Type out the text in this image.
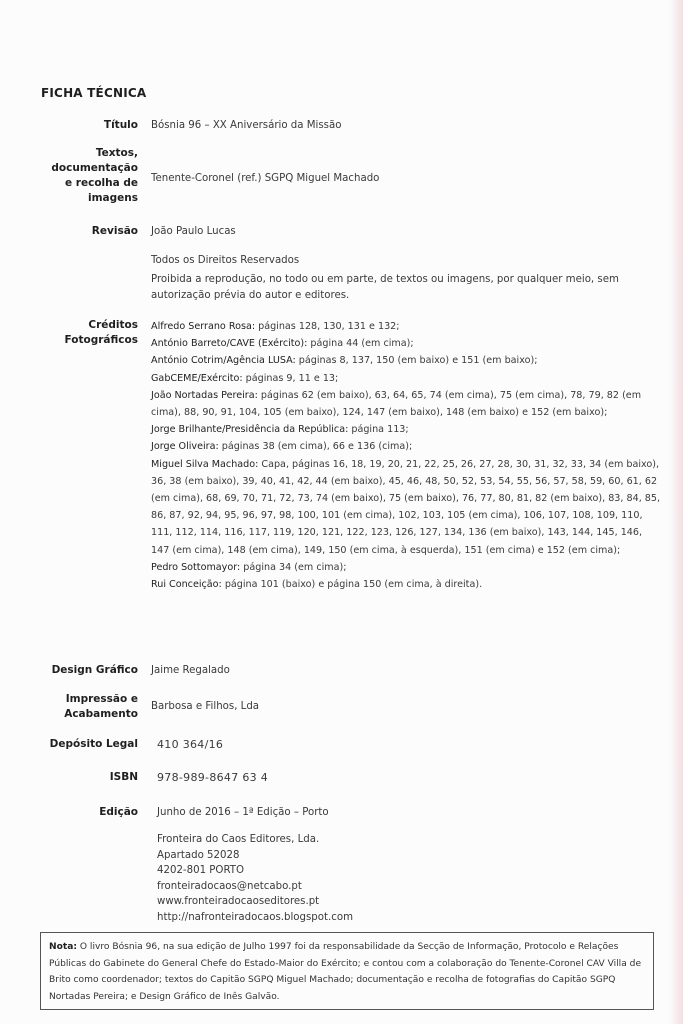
FICHA TÉCNICA
Título Bósnia 96 – XX Aniversário da Missão
Textos,
documentação
e recolha de
imagens
Tenente-Coronel (ref.) SGPQ Miguel Machado
Revisão João Paulo Lucas
Todos os Direitos Reservados
Proibida a reprodução, no todo ou em parte, de textos ou imagens, por qualquer meio, sem
autorização prévia do autor e editores.
Créditos
Fotográficos
Alfredo Serrano Rosa: páginas 128, 130, 131 e 132;
António Barreto/CAVE (Exército): página 44 (em cima);
António Cotrim/Agência LUSA: páginas 8, 137, 150 (em baixo) e 151 (em baixo);
GabCEME/Exército: páginas 9, 11 e 13;
João Nortadas Pereira: páginas 62 (em baixo), 63, 64, 65, 74 (em cima), 75 (em cima), 78, 79, 82 (em cima), 88, 90, 91, 104, 105 (em baixo), 124, 147 (em baixo), 148 (em baixo) e 152 (em baixo);
Jorge Brilhante/Presidência da República: página 113;
Jorge Oliveira: páginas 38 (em cima), 66 e 136 (cima);
Miguel Silva Machado: Capa, páginas 16, 18, 19, 20, 21, 22, 25, 26, 27, 28, 30, 31, 32, 33, 34 (em baixo), 36, 38 (em baixo), 39, 40, 41, 42, 44 (em baixo), 45, 46, 48, 50, 52, 53, 54, 55, 56, 57, 58, 59, 60, 61, 62 (em cima), 68, 69, 70, 71, 72, 73, 74 (em baixo), 75 (em baixo), 76, 77, 80, 81, 82 (em baixo), 83, 84, 85, 86, 87, 92, 94, 95, 96, 97, 98, 100, 101 (em cima), 102, 103, 105 (em cima), 106, 107, 108, 109, 110, 111, 112, 114, 116, 117, 119, 120, 121, 122, 123, 126, 127, 134, 136 (em baixo), 143, 144, 145, 146, 147 (em cima), 148 (em cima), 149, 150 (em cima, à esquerda), 151 (em cima) e 152 (em cima);
Pedro Sottomayor: página 34 (em cima);
Rui Conceição: página 101 (baixo) e página 150 (em cima, à direita).
Design Gráfico Jaime Regalado
Impressão e
Acabamento
Barbosa e Filhos, Lda
Depósito Legal 410 364/16
ISBN 978-989-8647 63 4
Edição Junho de 2016 – 1ª Edição – Porto
Fronteira do Caos Editores, Lda.
Apartado 52028
4202-801 PORTO
fronteiradocaos@netcabo.pt
www.fronteiradocaoseditores.pt
http://nafronteiradocaos.blogspot.com
Nota: O livro Bósnia 96, na sua edição de Julho 1997 foi da responsabilidade da Secção de Informação, Protocolo e Relações Públicas do Gabinete do General Chefe do Estado-Maior do Exército; e contou com a colaboração do Tenente-Coronel CAV Villa de Brito como coordenador; textos do Capitão SGPQ Miguel Machado; documentação e recolha de fotografias do Capitão SGPQ Nortadas Pereira; e Design Gráfico de Inês Galvão.
